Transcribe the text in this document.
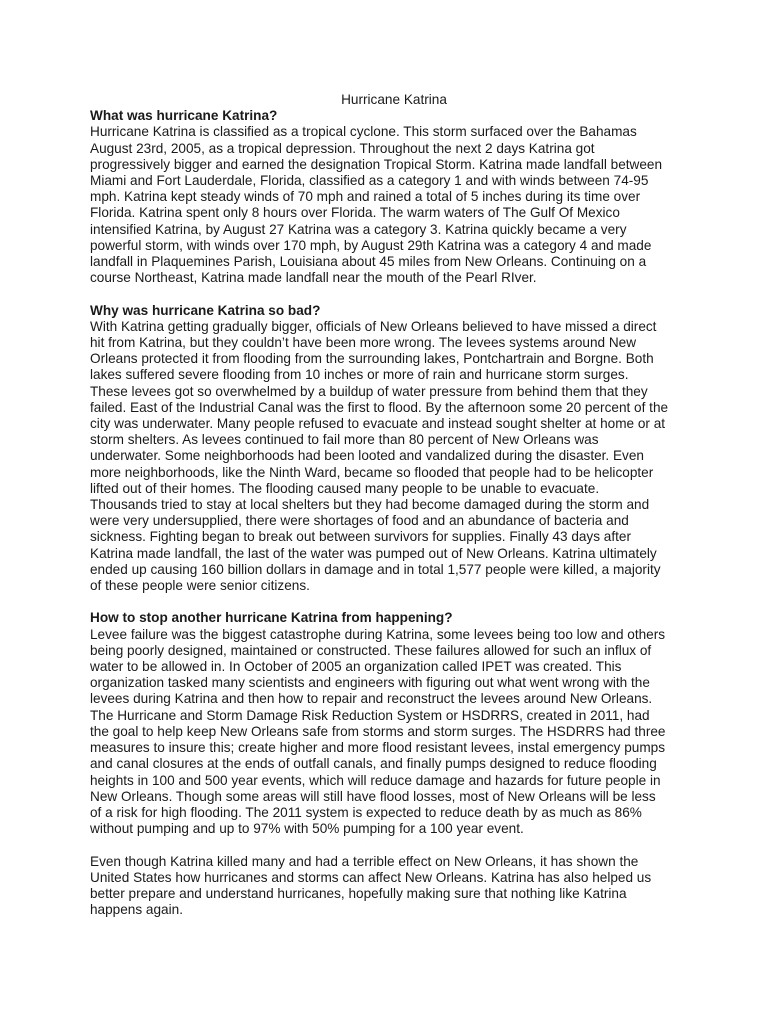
Hurricane Katrina
What was hurricane Katrina?
Hurricane Katrina is classified as a tropical cyclone. This storm surfaced over the Bahamas
August 23rd, 2005, as a tropical depression. Throughout the next 2 days Katrina got
progressively bigger and earned the designation Tropical Storm. Katrina made landfall between
Miami and Fort Lauderdale, Florida, classified as a category 1 and with winds between 74-95
mph. Katrina kept steady winds of 70 mph and rained a total of 5 inches during its time over
Florida. Katrina spent only 8 hours over Florida. The warm waters of The Gulf Of Mexico
intensified Katrina, by August 27 Katrina was a category 3. Katrina quickly became a very
powerful storm, with winds over 170 mph, by August 29th Katrina was a category 4 and made
landfall in Plaquemines Parish, Louisiana about 45 miles from New Orleans. Continuing on a
course Northeast, Katrina made landfall near the mouth of the Pearl RIver.
Why was hurricane Katrina so bad?
With Katrina getting gradually bigger, officials of New Orleans believed to have missed a direct
hit from Katrina, but they couldn’t have been more wrong. The levees systems around New
Orleans protected it from flooding from the surrounding lakes, Pontchartrain and Borgne. Both
lakes suffered severe flooding from 10 inches or more of rain and hurricane storm surges.
These levees got so overwhelmed by a buildup of water pressure from behind them that they
failed. East of the Industrial Canal was the first to flood. By the afternoon some 20 percent of the
city was underwater. Many people refused to evacuate and instead sought shelter at home or at
storm shelters. As levees continued to fail more than 80 percent of New Orleans was
underwater. Some neighborhoods had been looted and vandalized during the disaster. Even
more neighborhoods, like the Ninth Ward, became so flooded that people had to be helicopter
lifted out of their homes. The flooding caused many people to be unable to evacuate.
Thousands tried to stay at local shelters but they had become damaged during the storm and
were very undersupplied, there were shortages of food and an abundance of bacteria and
sickness. Fighting began to break out between survivors for supplies. Finally 43 days after
Katrina made landfall, the last of the water was pumped out of New Orleans. Katrina ultimately
ended up causing 160 billion dollars in damage and in total 1,577 people were killed, a majority
of these people were senior citizens.
How to stop another hurricane Katrina from happening?
Levee failure was the biggest catastrophe during Katrina, some levees being too low and others
being poorly designed, maintained or constructed. These failures allowed for such an influx of
water to be allowed in. In October of 2005 an organization called IPET was created. This
organization tasked many scientists and engineers with figuring out what went wrong with the
levees during Katrina and then how to repair and reconstruct the levees around New Orleans.
The Hurricane and Storm Damage Risk Reduction System or HSDRRS, created in 2011, had
the goal to help keep New Orleans safe from storms and storm surges. The HSDRRS had three
measures to insure this; create higher and more flood resistant levees, instal emergency pumps
and canal closures at the ends of outfall canals, and finally pumps designed to reduce flooding
heights in 100 and 500 year events, which will reduce damage and hazards for future people in
New Orleans. Though some areas will still have flood losses, most of New Orleans will be less
of a risk for high flooding. The 2011 system is expected to reduce death by as much as 86%
without pumping and up to 97% with 50% pumping for a 100 year event.
Even though Katrina killed many and had a terrible effect on New Orleans, it has shown the
United States how hurricanes and storms can affect New Orleans. Katrina has also helped us
better prepare and understand hurricanes, hopefully making sure that nothing like Katrina
happens again.
